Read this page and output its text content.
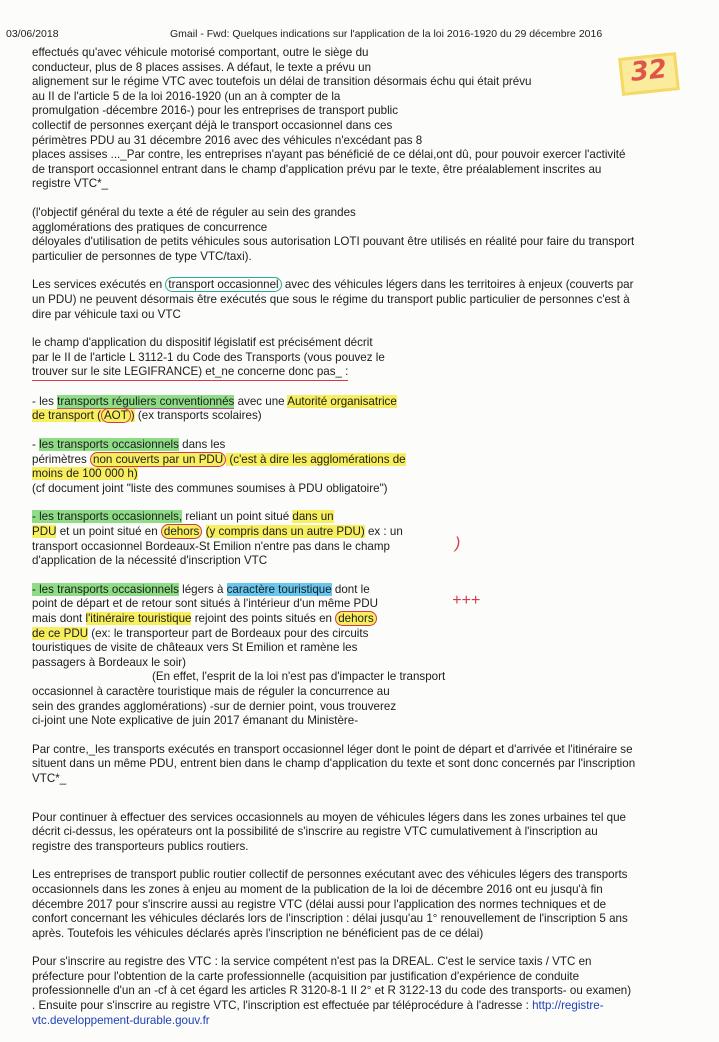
03/06/2018	Gmail - Fwd: Quelques indications sur l'application de la loi 2016-1920 du 29 décembre 2016
32
)
+++
effectués qu'avec véhicule motorisé comportant, outre le siège du
conducteur, plus de 8 places assises. A défaut, le texte a prévu un
alignement sur le régime VTC avec toutefois un délai de transition désormais échu qui était prévu
au II de l'article 5 de la loi 2016-1920 (un an à compter de la
promulgation -décembre 2016-) pour les entreprises de transport public
collectif de personnes exerçant déjà le transport occasionnel dans ces
périmètres PDU au 31 décembre 2016 avec des véhicules n'excédant pas 8
places assises ..._Par contre, les entreprises n'ayant pas bénéficié de ce délai,ont dû, pour pouvoir exercer l'activité
de transport occasionnel entrant dans le champ d'application prévu par le texte, être préalablement inscrites au
registre VTC*_
(l'objectif général du texte a été de réguler au sein des grandes
agglomérations des pratiques de concurrence
déloyales d'utilisation de petits véhicules sous autorisation LOTI pouvant être utilisés en réalité pour faire du transport
particulier de personnes de type VTC/taxi).
Les services exécutés en transport occasionnel avec des véhicules légers dans les territoires à enjeux (couverts par
un PDU) ne peuvent désormais être exécutés que sous le régime du transport public particulier de personnes c'est à
dire par véhicule taxi ou VTC
le champ d'application du dispositif législatif est précisément décrit
par le II de l'article L 3112-1 du Code des Transports (vous pouvez le
trouver sur le site LEGIFRANCE) et_ne concerne donc pas_ :
- les transports réguliers conventionnés avec une Autorité organisatrice
de transport ( AOT ) (ex transports scolaires)
- les transports occasionnels dans les
périmètres non couverts par un PDU (c'est à dire les agglomérations de
moins de 100 000 h)
(cf document joint "liste des communes soumises à PDU obligatoire")
- les transports occasionnels, reliant un point situé dans un
PDU et un point situé en dehors (y compris dans un autre PDU) ex : un
transport occasionnel Bordeaux-St Emilion n'entre pas dans le champ
d'application de la nécessité d'inscription VTC
- les transports occasionnels légers à caractère touristique dont le
point de départ et de retour sont situés à l'intérieur d'un même PDU
mais dont l'itinéraire touristique rejoint des points situés en dehors
de ce PDU (ex: le transporteur part de Bordeaux pour des circuits
touristiques de visite de châteaux vers St Emilion et ramène les
passagers à Bordeaux le soir)
(En effet, l'esprit de la loi n'est pas d'impacter le transport
occasionnel à caractère touristique mais de réguler la concurrence au
sein des grandes agglomérations) -sur de dernier point, vous trouverez
ci-joint une Note explicative de juin 2017 émanant du Ministère-
Par contre,_les transports exécutés en transport occasionnel léger dont le point de départ et d'arrivée et l'itinéraire se
situent dans un même PDU, entrent bien dans le champ d'application du texte et sont donc concernés par l'inscription
VTC*_
Pour continuer à effectuer des services occasionnels au moyen de véhicules légers dans les zones urbaines tel que
décrit ci-dessus, les opérateurs ont la possibilité de s'inscrire au registre VTC cumulativement à l'inscription au
registre des transporteurs publics routiers.
Les entreprises de transport public routier collectif de personnes exécutant avec des véhicules légers des transports
occasionnels dans les zones à enjeu au moment de la publication de la loi de décembre 2016 ont eu jusqu'à fin
décembre 2017 pour s'inscrire aussi au registre VTC (délai aussi pour l'application des normes techniques et de
confort concernant les véhicules déclarés lors de l'inscription : délai jusqu'au 1° renouvellement de l'inscription 5 ans
après. Toutefois les véhicules déclarés après l'inscription ne bénéficient pas de ce délai)
Pour s'inscrire au registre des VTC : la service compétent n'est pas la DREAL. C'est le service taxis / VTC en
préfecture pour l'obtention de la carte professionnelle (acquisition par justification d'expérience de conduite
professionnelle d'un an -cf à cet égard les articles R 3120-8-1 II 2° et R 3122-13 du code des transports- ou examen)
. Ensuite pour s'inscrire au registre VTC, l'inscription est effectuée par téléprocédure à l'adresse : http://registre-
vtc.developpement-durable.gouv.fr
